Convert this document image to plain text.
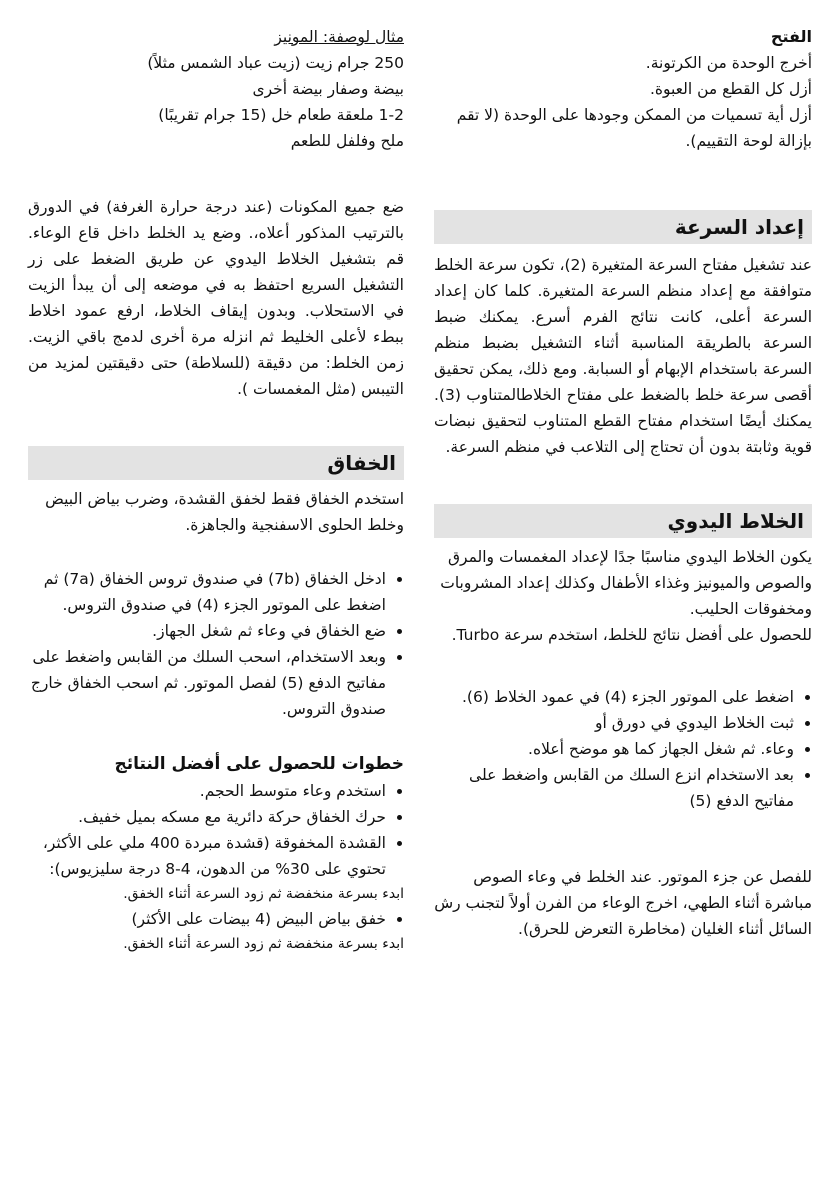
الفتح

أخرج الوحدة من الكرتونة.

أزل كل القطع من العبوة.

أزل أية تسميات من الممكن وجودها على الوحدة (لا تقم بإزالة لوحة التقييم).

إعداد السرعة

عند تشغيل مفتاح السرعة المتغيرة (2)، تكون سرعة الخلط متوافقة مع إعداد منظم السرعة المتغيرة. كلما كان إعداد السرعة أعلى، كانت نتائج الفرم أسرع. يمكنك ضبط السرعة بالطريقة المناسبة أثناء التشغيل بضبط منظم السرعة باستخدام الإبهام أو السبابة. ومع ذلك، يمكن تحقيق أقصى سرعة خلط بالضغط على مفتاح الخلاطالمتناوب (3). يمكنك أيضًا استخدام مفتاح القطع المتناوب لتحقيق نبضات قوية وثابتة بدون أن تحتاج إلى التلاعب في منظم السرعة.

الخلاط اليدوي

يكون الخلاط اليدوي مناسبًا جدًا لإعداد المغمسات والمرق والصوص والميونيز وغذاء الأطفال وكذلك إعداد المشروبات ومخفوقات الحليب.

للحصول على أفضل نتائج للخلط، استخدم سرعة Turbo.

• اضغط على الموتور الجزء (4) في عمود الخلاط (6).
• ثبت الخلاط اليدوي في دورق أو
• وعاء. ثم شغل الجهاز كما هو موضح أعلاه.
• بعد الاستخدام انزع السلك من القابس واضغط على مفاتيح الدفع (5)

للفصل عن جزء الموتور. عند الخلط في وعاء الصوص مباشرة أثناء الطهي، اخرج الوعاء من الفرن أولاً لتجنب رش السائل أثناء الغليان (مخاطرة التعرض للحرق).

مثال لوصفة: المونيز

250 جرام زيت (زيت عباد الشمس مثلاً)

بيضة وصفار بيضة أخرى

1-2 ملعقة طعام خل (15 جرام تقريبًا)

ملح وفلفل للطعم

ضع جميع المكونات (عند درجة حرارة الغرفة) في الدورق بالترتيب المذكور أعلاه،. وضع يد الخلط داخل قاع الوعاء. قم بتشغيل الخلاط اليدوي عن طريق الضغط على زر التشغيل السريع احتفظ به في موضعه إلى أن يبدأ الزيت في الاستحلاب. وبدون إيقاف الخلاط، ارفع عمود اخلاط ببطء لأعلى الخليط ثم انزله مرة أخرى لدمج باقي الزيت. زمن الخلط: من دقيقة (للسلاطة) حتى دقيقتين لمزيد من التيبس (مثل المغمسات ).

الخفاق

استخدم الخفاق فقط لخفق القشدة، وضرب بياض البيض وخلط الحلوى الاسفنجية والجاهزة.

• ادخل الخفاق (7b) في صندوق تروس الخفاق (7a) ثم اضغط على الموتور الجزء (4) في صندوق التروس.
• ضع الخفاق في وعاء ثم شغل الجهاز.
• وبعد الاستخدام، اسحب السلك من القابس واضغط على مفاتيح الدفع (5) لفصل الموتور. ثم اسحب الخفاق خارج صندوق التروس.

خطوات للحصول على أفضل النتائج

• استخدم وعاء متوسط الحجم.
• حرك الخفاق حركة دائرية مع مسكه بميل خفيف.
• القشدة المخفوقة (قشدة مبردة 400 ملي على الأكثر، تحتوي على 30% من الدهون، 4-8 درجة سليزيوس):

ابدء بسرعة منخفضة ثم زود السرعة أثناء الخفق.

• خفق بياض البيض (4 بيضات على الأكثر)

ابدء بسرعة منخفضة ثم زود السرعة أثناء الخفق.
